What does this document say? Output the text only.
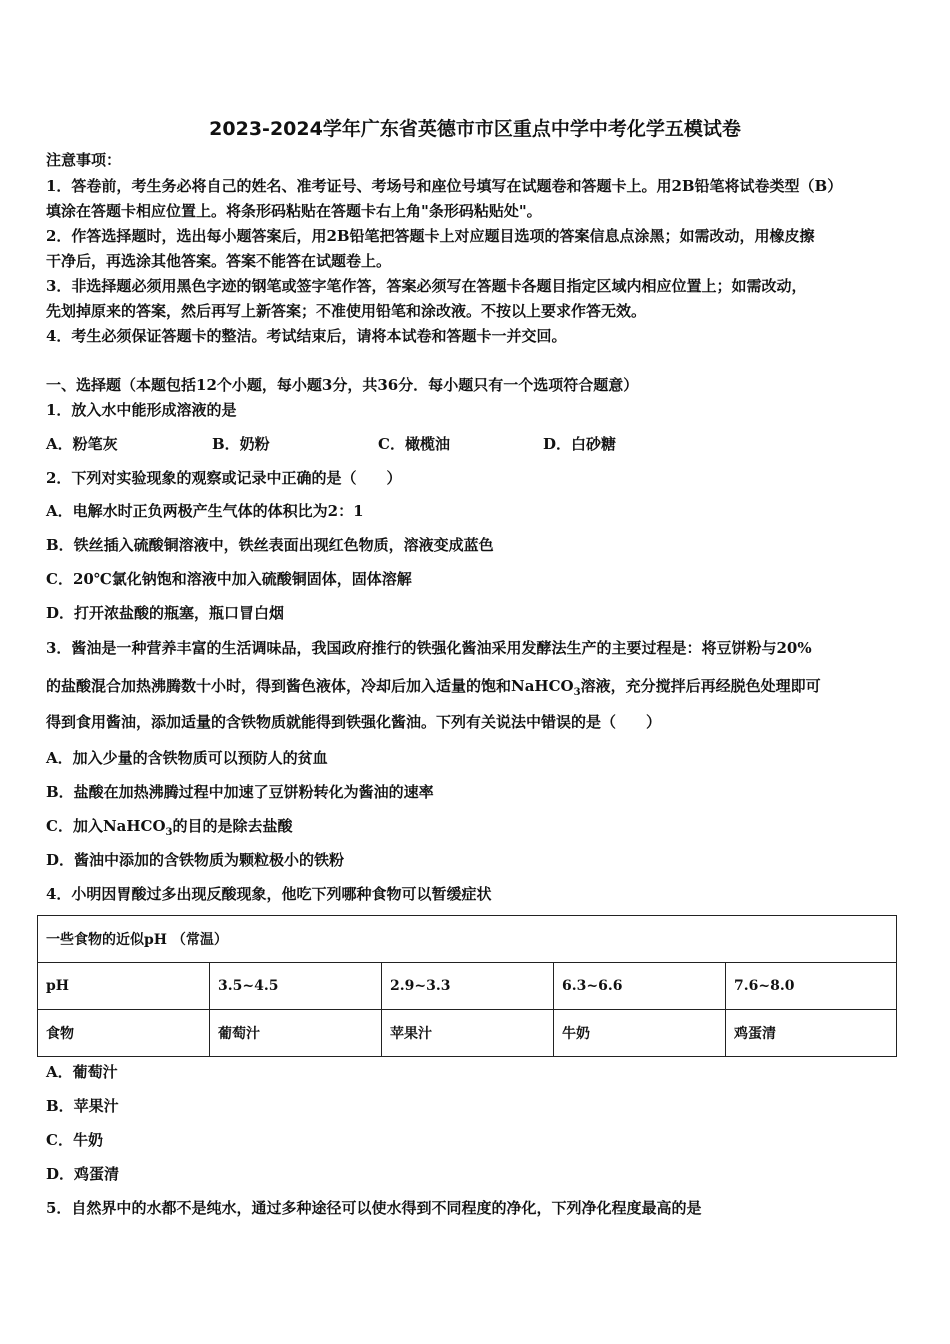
2023-2024学年广东省英德市市区重点中学中考化学五模试卷
注意事项：
1．答卷前，考生务必将自己的姓名、准考证号、考场号和座位号填写在试题卷和答题卡上。用2B铅笔将试卷类型（B）
填涂在答题卡相应位置上。将条形码粘贴在答题卡右上角"条形码粘贴处"。
2．作答选择题时，选出每小题答案后，用2B铅笔把答题卡上对应题目选项的答案信息点涂黑；如需改动，用橡皮擦
干净后，再选涂其他答案。答案不能答在试题卷上。
3．非选择题必须用黑色字迹的钢笔或签字笔作答，答案必须写在答题卡各题目指定区域内相应位置上；如需改动，
先划掉原来的答案，然后再写上新答案；不准使用铅笔和涂改液。不按以上要求作答无效。
4．考生必须保证答题卡的整洁。考试结束后，请将本试卷和答题卡一并交回。
一、选择题（本题包括12个小题，每小题3分，共36分．每小题只有一个选项符合题意）
1．放入水中能形成溶液的是
A．粉笔灰	B．奶粉	C．橄榄油	D．白砂糖
2．下列对实验现象的观察或记录中正确的是（　　）
A．电解水时正负两极产生气体的体积比为2：1
B．铁丝插入硫酸铜溶液中，铁丝表面出现红色物质，溶液变成蓝色
C．20℃氯化钠饱和溶液中加入硫酸铜固体，固体溶解
D．打开浓盐酸的瓶塞，瓶口冒白烟
3．酱油是一种营养丰富的生活调味品，我国政府推行的铁强化酱油采用发酵法生产的主要过程是：将豆饼粉与20%
的盐酸混合加热沸腾数十小时，得到酱色液体，冷却后加入适量的饱和NaHCO$_3$溶液，充分搅拌后再经脱色处理即可
得到食用酱油，添加适量的含铁物质就能得到铁强化酱油。下列有关说法中错误的是（　　）
A．加入少量的含铁物质可以预防人的贫血
B．盐酸在加热沸腾过程中加速了豆饼粉转化为酱油的速率
C．加入NaHCO$_3$的目的是除去盐酸
D．酱油中添加的含铁物质为颗粒极小的铁粉
4．小明因胃酸过多出现反酸现象，他吃下列哪种食物可以暂缓症状
一些食物的近似pH （常温）				
pH	3.5~4.5	2.9~3.3	6.3~6.6	7.6~8.0
食物	葡萄汁	苹果汁	牛奶	鸡蛋清
A．葡萄汁
B．苹果汁
C．牛奶
D．鸡蛋清
5．自然界中的水都不是纯水，通过多种途径可以使水得到不同程度的净化，下列净化程度最高的是
